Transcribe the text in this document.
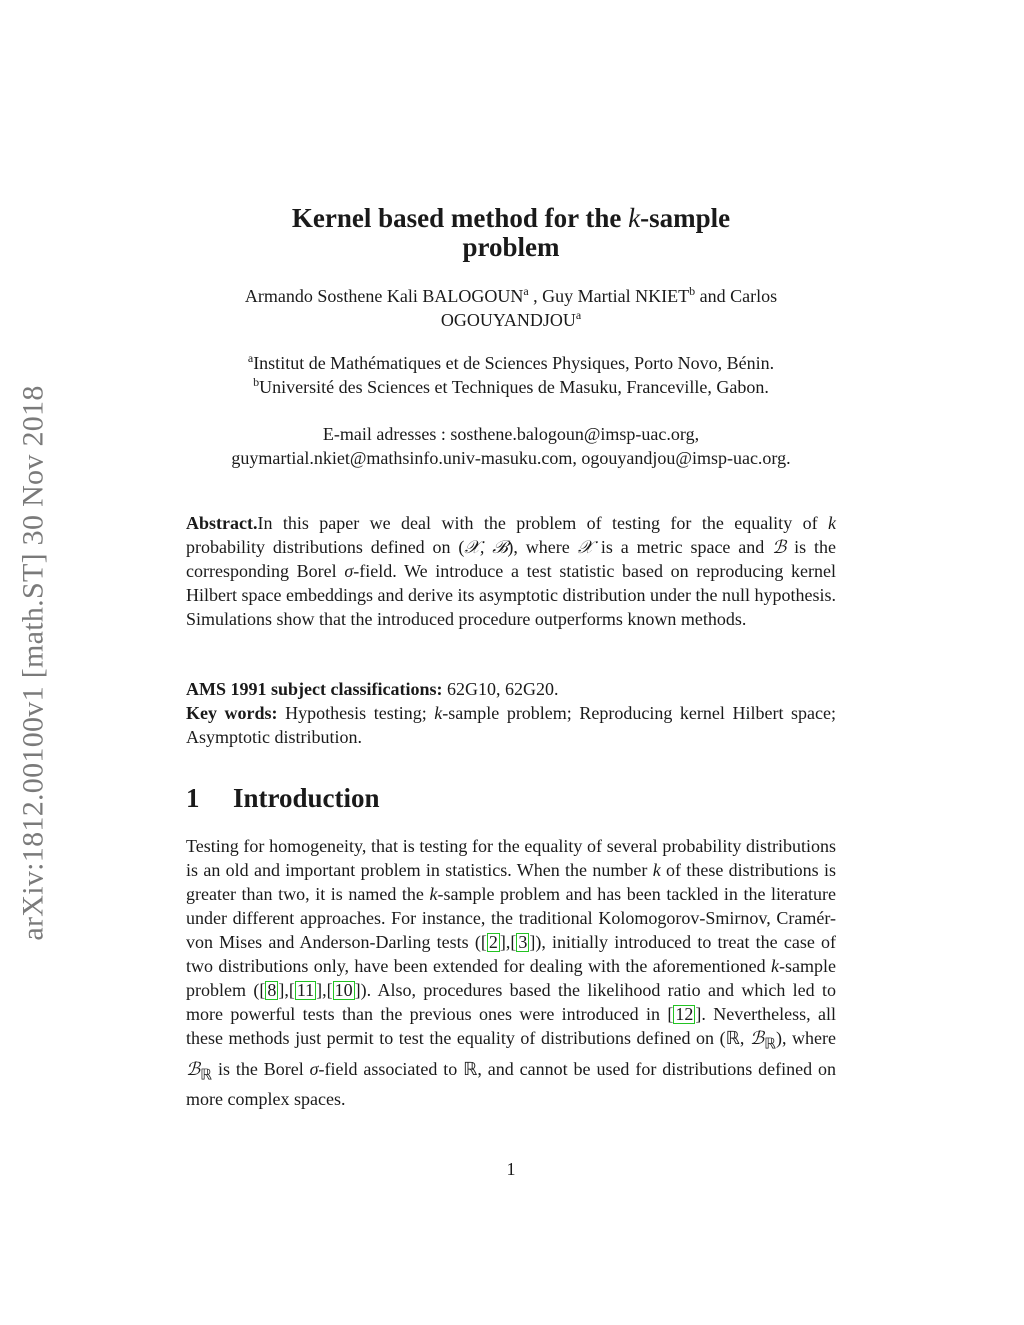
arXiv:1812.00100v1 [math.ST] 30 Nov 2018
Kernel based method for the k-sample
problem
Armando Sosthene Kali BALOGOUN$^a$ , Guy Martial NKIET$^b$ and Carlos
OGOUYANDJOU$^a$
$^a$Institut de Mathématiques et de Sciences Physiques, Porto Novo, Bénin.
$^b$Université des Sciences et Techniques de Masuku, Franceville, Gabon.
E-mail adresses : sosthene.balogoun@imsp-uac.org,
guymartial.nkiet@mathsinfo.univ-masuku.com, ogouyandjou@imsp-uac.org.
Abstract.In this paper we deal with the problem of testing for the equality of k probability distributions defined on (𝒳, ℬ), where 𝒳 is a metric space and ℬ is the corresponding Borel σ-field. We introduce a test statistic based on reproducing kernel Hilbert space embeddings and derive its asymptotic distribution under the null hypothesis. Simulations show that the introduced procedure outperforms known methods.
AMS 1991 subject classifications: 62G10, 62G20.
Key words: Hypothesis testing; k-sample problem; Reproducing kernel Hilbert space; Asymptotic distribution.
1 Introduction
Testing for homogeneity, that is testing for the equality of several probability distributions is an old and important problem in statistics. When the number k of these distributions is greater than two, it is named the k-sample problem and has been tackled in the literature under different approaches. For instance, the traditional Kolomogorov-Smirnov, Cramér-von Mises and Anderson-Darling tests ([ 2 ],[ 3 ]), initially introduced to treat the case of two distributions only, have been extended for dealing with the aforementioned k-sample problem ([ 8 ],[ 11 ],[ 10 ]). Also, procedures based the likelihood ratio and which led to more powerful tests than the previous ones were introduced in [ 12 ]. Nevertheless, all these methods just permit to test the equality of distributions defined on (ℝ, ℬ$_ℝ$), where ℬ$_ℝ$ is the Borel σ-field associated to ℝ, and cannot be used for distributions defined on more complex spaces.
1
